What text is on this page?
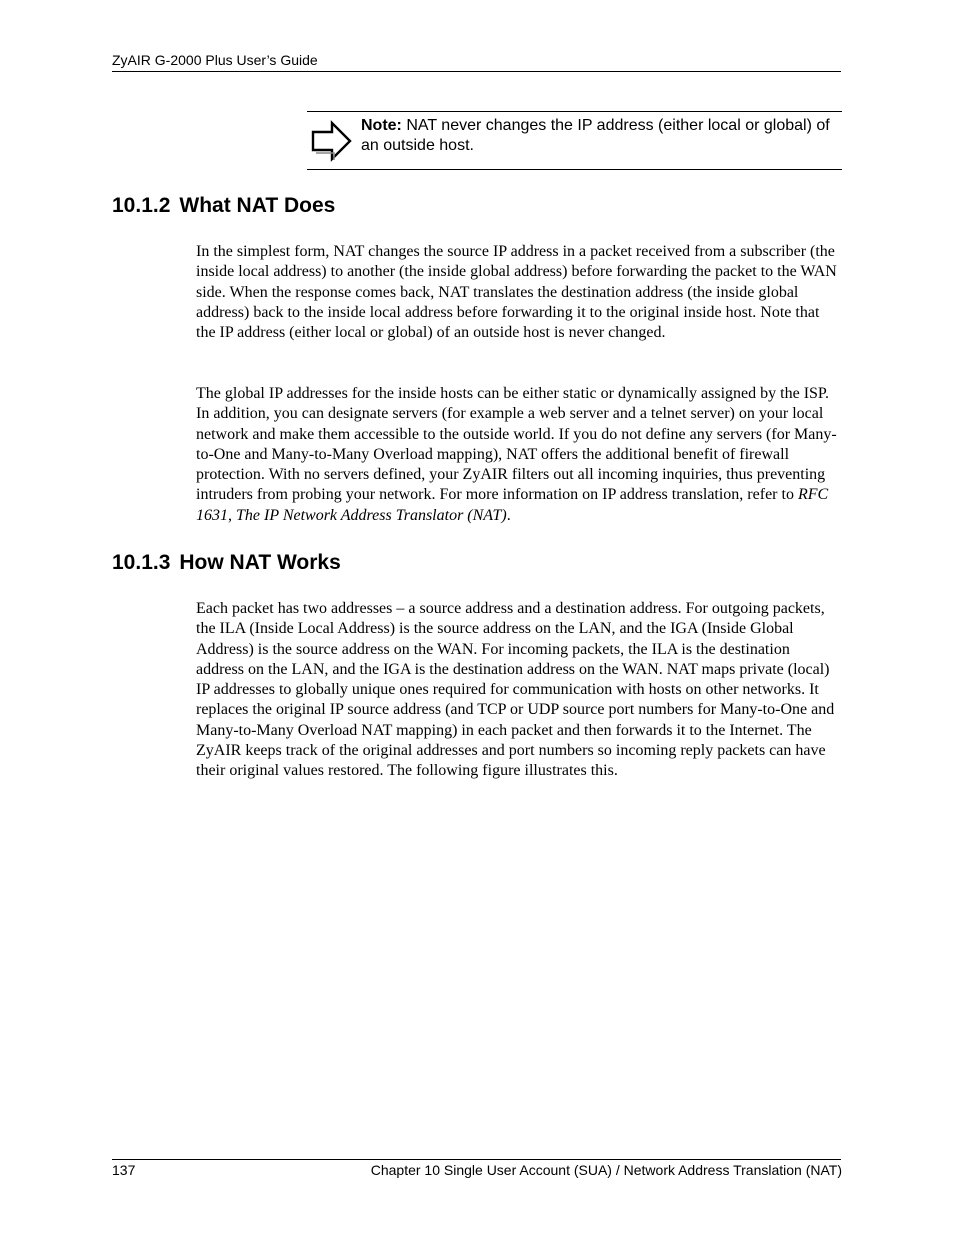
ZyAIR G-2000 Plus User’s Guide
Note: NAT never changes the IP address (either local or global) of an outside host.
10.1.2 What NAT Does

In the simplest form, NAT changes the source IP address in a packet received from a subscriber (the inside local address) to another (the inside global address) before forwarding the packet to the WAN side. When the response comes back, NAT translates the destination address (the inside global address) back to the inside local address before forwarding it to the original inside host. Note that the IP address (either local or global) of an outside host is never changed.

The global IP addresses for the inside hosts can be either static or dynamically assigned by the ISP. In addition, you can designate servers (for example a web server and a telnet server) on your local network and make them accessible to the outside world. If you do not define any servers (for Many-to-One and Many-to-Many Overload mapping), NAT offers the additional benefit of firewall protection. With no servers defined, your ZyAIR filters out all incoming inquiries, thus preventing intruders from probing your network. For more information on IP address translation, refer to RFC 1631, The IP Network Address Translator (NAT).

10.1.3 How NAT Works

Each packet has two addresses – a source address and a destination address. For outgoing packets, the ILA (Inside Local Address) is the source address on the LAN, and the IGA (Inside Global Address) is the source address on the WAN. For incoming packets, the ILA is the destination address on the LAN, and the IGA is the destination address on the WAN. NAT maps private (local) IP addresses to globally unique ones required for communication with hosts on other networks. It replaces the original IP source address (and TCP or UDP source port numbers for Many-to-One and Many-to-Many Overload NAT mapping) in each packet and then forwards it to the Internet. The ZyAIR keeps track of the original addresses and port numbers so incoming reply packets can have their original values restored. The following figure illustrates this.

137	Chapter 10 Single User Account (SUA) / Network Address Translation (NAT)
